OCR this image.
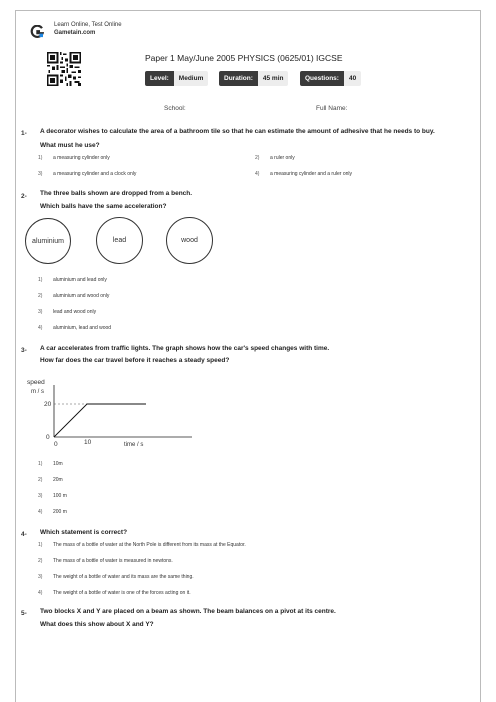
Learn Online, Test Online
Gametain.com
Paper 1 May/June 2005 PHYSICS (0625/01) IGCSE
Level:	Medium	Duration:	45 min	Questions:	40
School:	Full Name:
1- A decorator wishes to calculate the area of a bathroom tile so that he can estimate the amount of adhesive that he needs to buy.
What must he use?
1) a measuring cylinder only	2) a ruler only
3) a measuring cylinder and a clock only	4) a measuring cylinder and a ruler only
2- The three balls shown are dropped from a bench.
Which balls have the same acceleration?
aluminium	lead	wood
1) aluminium and lead only
2) aluminium and wood only
3) lead and wood only
4) aluminium, lead and wood
3- A car accelerates from traffic lights. The graph shows how the car's speed changes with time.
How far does the car travel before it reaches a steady speed?
speed
m / s
20
0
0	10	time / s
1) 10m
2) 20m
3) 100 m
4) 200 m
4- Which statement is correct?
1) The mass of a bottle of water at the North Pole is different from its mass at the Equator.
2) The mass of a bottle of water is measured in newtons.
3) The weight of a bottle of water and its mass are the same thing.
4) The weight of a bottle of water is one of the forces acting on it.
5- Two blocks X and Y are placed on a beam as shown. The beam balances on a pivot at its centre.
What does this show about X and Y?
